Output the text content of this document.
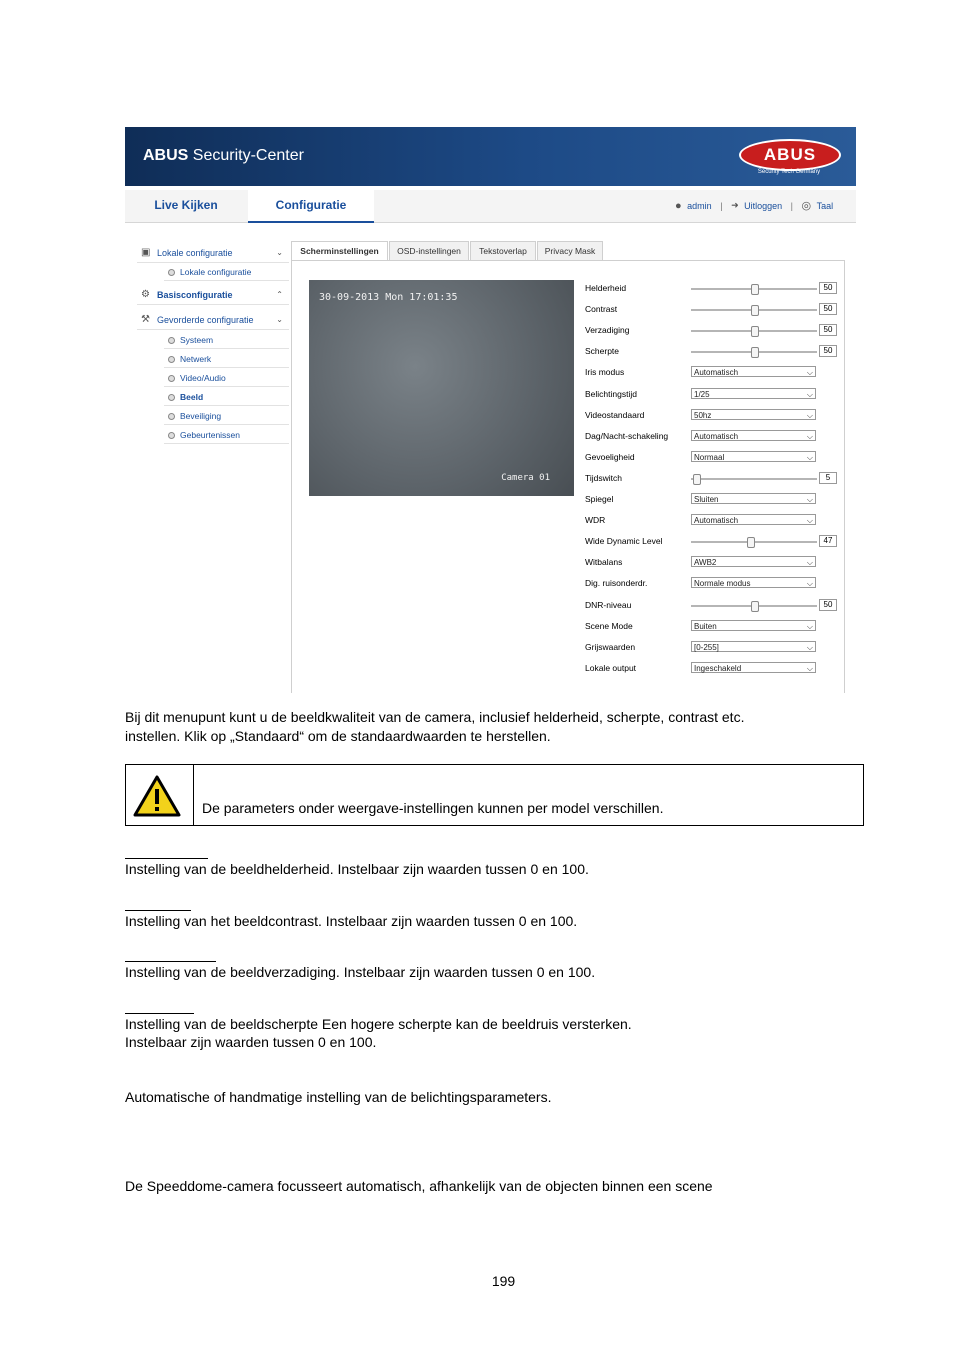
ABUS Security-Center	ABUS
Security Tech Germany
Live Kijken	Configuratie	● admin | ➜ Uitloggen | ◎ Taal
▣ Lokale configuratie	⌄
Lokale configuratie
⚙ Basisconfiguratie	⌃
⚒ Gevorderde configuratie	⌄
Systeem
Netwerk
Video/Audio
Beeld
Beveiliging
Gebeurtenissen
Scherminstellingen	OSD-instellingen	Tekstoverlap	Privacy Mask
30-09-2013 Mon 17:01:35
Camera 01
Helderheid	50
Contrast	50
Verzadiging	50
Scherpte	50
Iris modus	Automatisch	⌵
Belichtingstijd	1/25	⌵
Videostandaard	50hz	⌵
Dag/Nacht-schakeling	Automatisch	⌵
Gevoeligheid	Normaal	⌵
Tijdswitch	5
Spiegel	Sluiten	⌵
WDR	Automatisch	⌵
Wide Dynamic Level	47
Witbalans	AWB2	⌵
Dig. ruisonderdr.	Normale modus	⌵
DNR-niveau	50
Scene Mode	Buiten	⌵
Grijswaarden	[0-255]	⌵
Lokale output	Ingeschakeld	⌵
Bij dit menupunt kunt u de beeldkwaliteit van de camera, inclusief helderheid, scherpte, contrast etc.
instellen. Klik op „Standaard“ om de standaardwaarden te herstellen.
De parameters onder weergave-instellingen kunnen per model verschillen.
Instelling van de beeldhelderheid. Instelbaar zijn waarden tussen 0 en 100.
Instelling van het beeldcontrast. Instelbaar zijn waarden tussen 0 en 100.
Instelling van de beeldverzadiging. Instelbaar zijn waarden tussen 0 en 100.
Instelling van de beeldscherpte Een hogere scherpte kan de beeldruis versterken.
Instelbaar zijn waarden tussen 0 en 100.
Automatische of handmatige instelling van de belichtingsparameters.
De Speeddome-camera focusseert automatisch, afhankelijk van de objecten binnen een scene
199
